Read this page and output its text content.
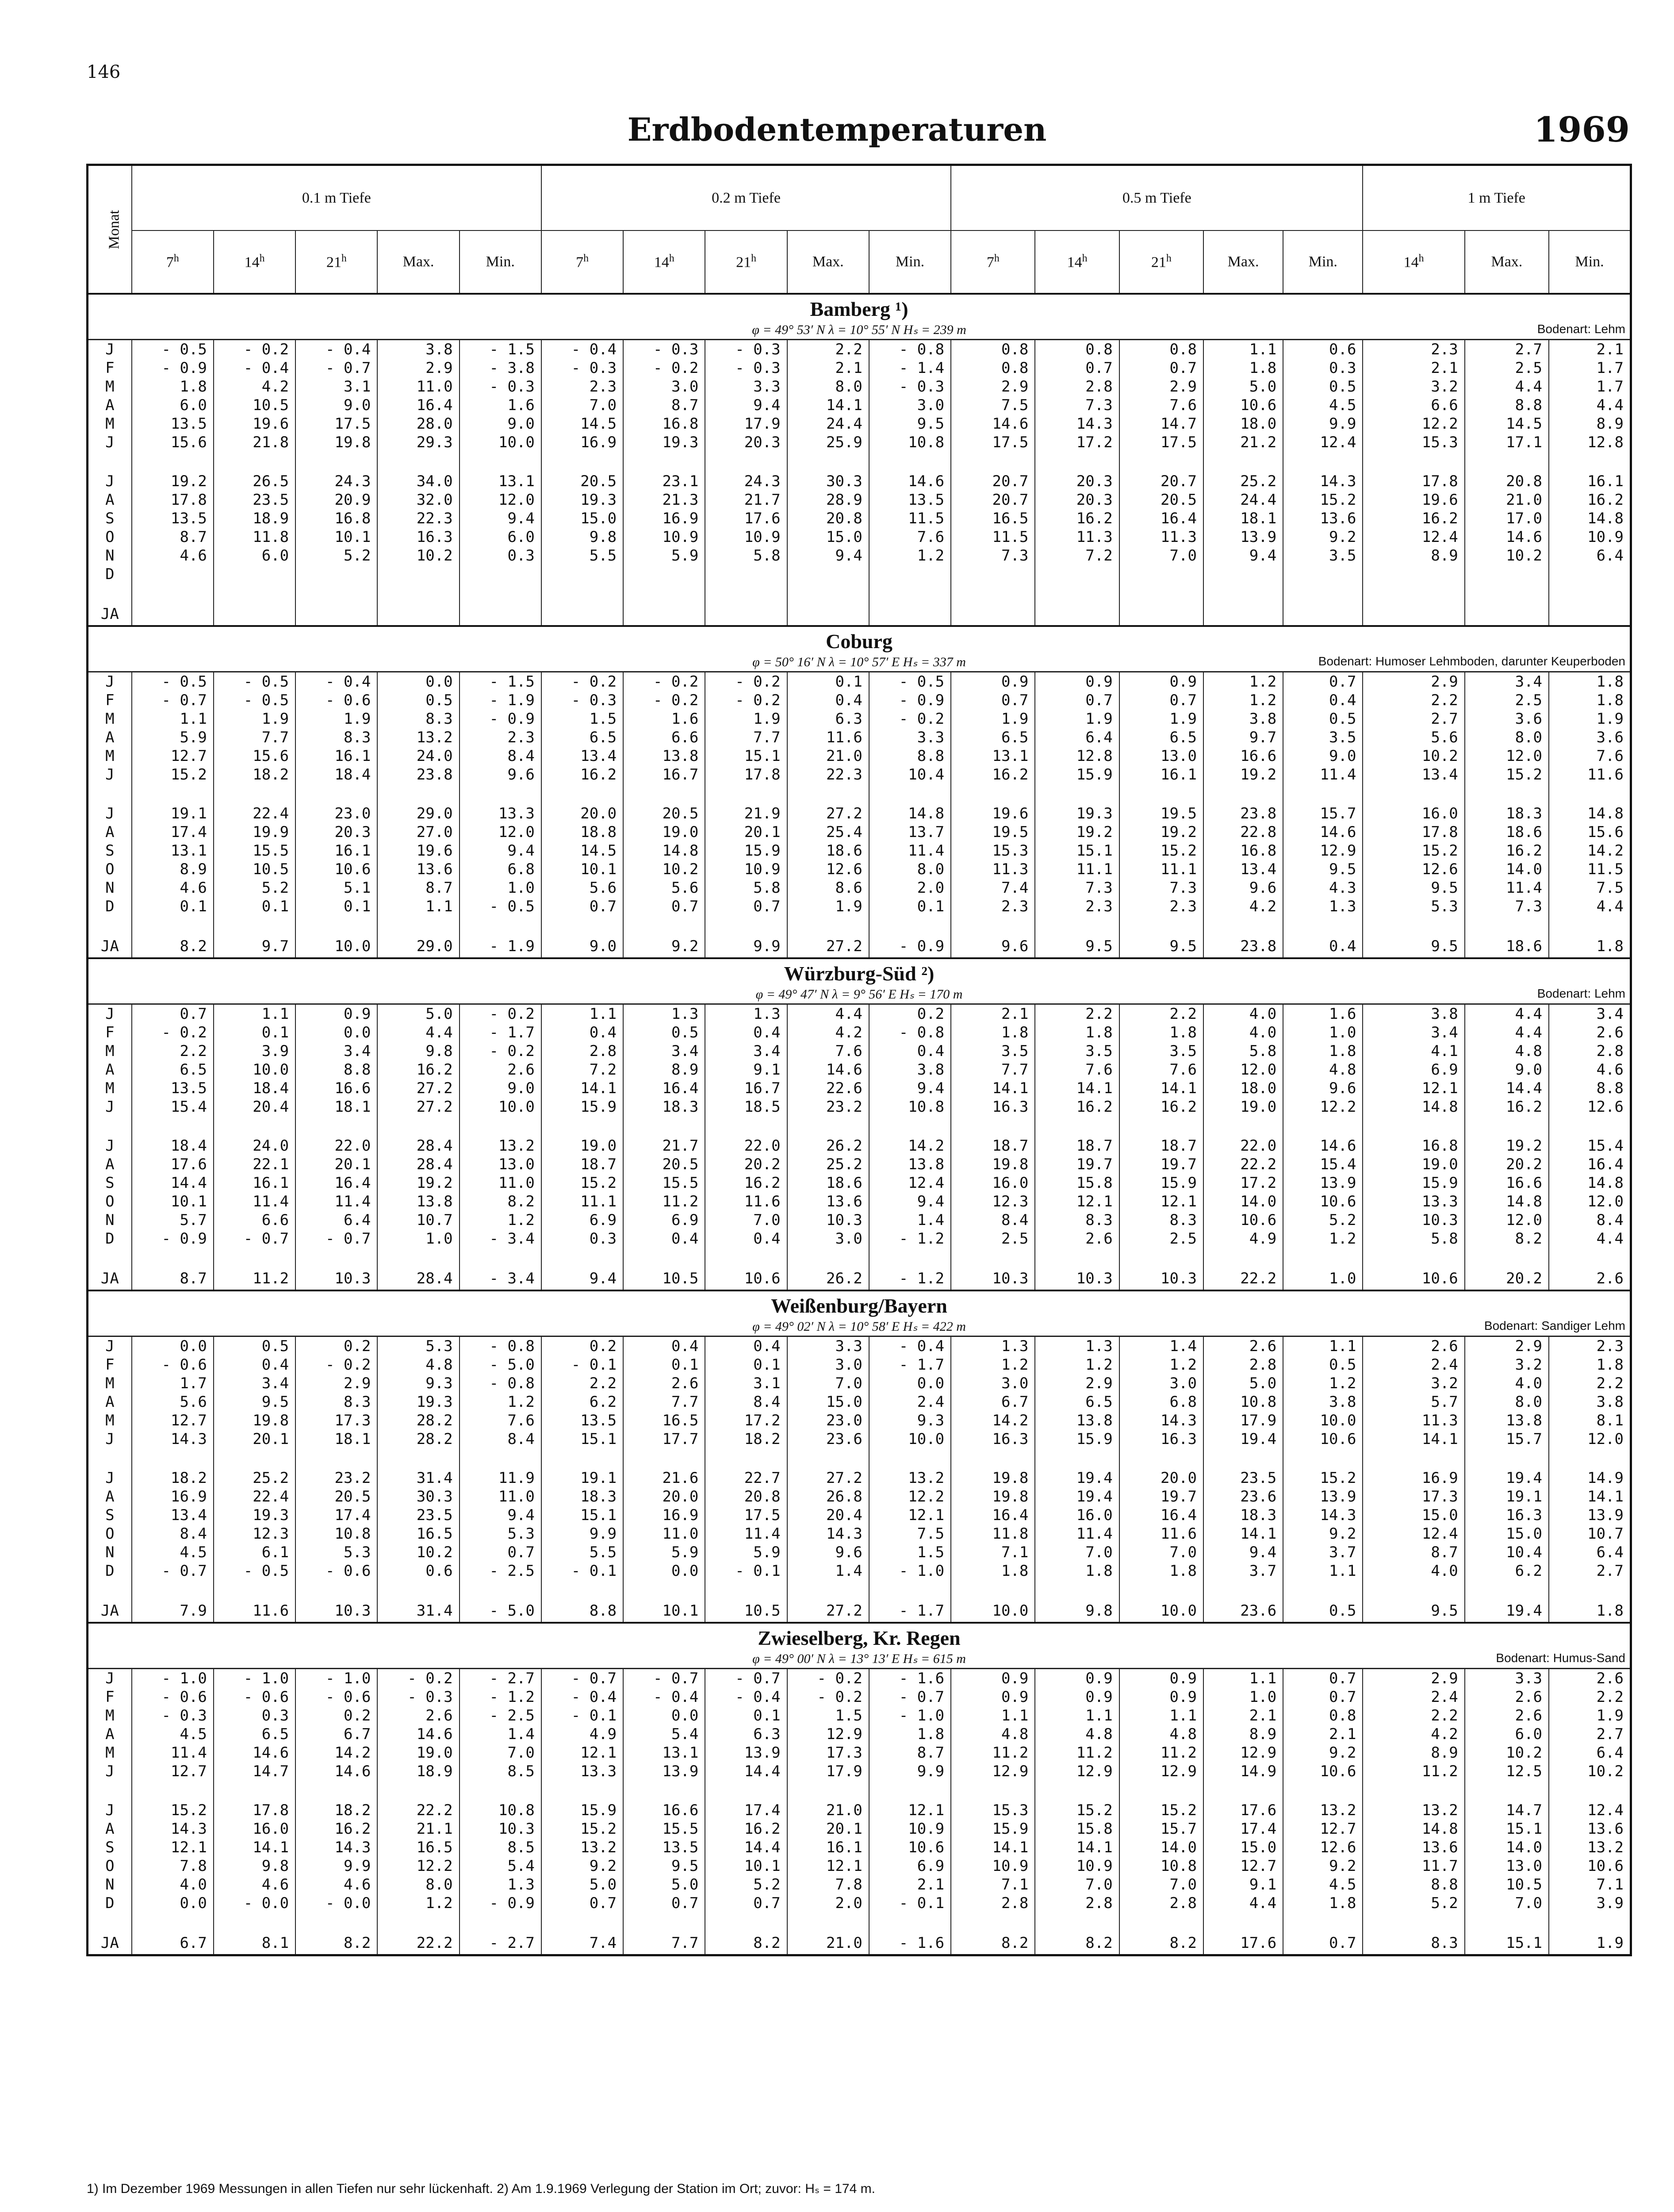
146
Erdbodentemperaturen	1969
Monat	0.1 m Tiefe					0.2 m Tiefe					0.5 m Tiefe					1 m Tiefe		
	7$^h$	14$^h$	21$^h$	Max.	Min.	7$^h$	14$^h$	21$^h$	Max.	Min.	7$^h$	14$^h$	21$^h$	Max.	Min.	14$^h$	Max.	Min.

Bamberg ¹)																		

φ = 49° 53′ N λ = 10° 55′ N Hₛ = 239 m Bodenart: Lehm																		

J	- 0.5	- 0.2	- 0.4	3.8	- 1.5	- 0.4	- 0.3	- 0.3	2.2	- 0.8	0.8	0.8	0.8	1.1	0.6	2.3	2.7	2.1
F	- 0.9	- 0.4	- 0.7	2.9	- 3.8	- 0.3	- 0.2	- 0.3	2.1	- 1.4	0.8	0.7	0.7	1.8	0.3	2.1	2.5	1.7
M	1.8	4.2	3.1	11.0	- 0.3	2.3	3.0	3.3	8.0	- 0.3	2.9	2.8	2.9	5.0	0.5	3.2	4.4	1.7
A	6.0	10.5	9.0	16.4	1.6	7.0	8.7	9.4	14.1	3.0	7.5	7.3	7.6	10.6	4.5	6.6	8.8	4.4
M	13.5	19.6	17.5	28.0	9.0	14.5	16.8	17.9	24.4	9.5	14.6	14.3	14.7	18.0	9.9	12.2	14.5	8.9
J	15.6	21.8	19.8	29.3	10.0	16.9	19.3	20.3	25.9	10.8	17.5	17.2	17.5	21.2	12.4	15.3	17.1	12.8

J	19.2	26.5	24.3	34.0	13.1	20.5	23.1	24.3	30.3	14.6	20.7	20.3	20.7	25.2	14.3	17.8	20.8	16.1
A	17.8	23.5	20.9	32.0	12.0	19.3	21.3	21.7	28.9	13.5	20.7	20.3	20.5	24.4	15.2	19.6	21.0	16.2
S	13.5	18.9	16.8	22.3	9.4	15.0	16.9	17.6	20.8	11.5	16.5	16.2	16.4	18.1	13.6	16.2	17.0	14.8
O	8.7	11.8	10.1	16.3	6.0	9.8	10.9	10.9	15.0	7.6	11.5	11.3	11.3	13.9	9.2	12.4	14.6	10.9
N	4.6	6.0	5.2	10.2	0.3	5.5	5.9	5.8	9.4	1.2	7.3	7.2	7.0	9.4	3.5	8.9	10.2	6.4
D																		

JA																		

Coburg																		

φ = 50° 16′ N λ = 10° 57′ E Hₛ = 337 m Bodenart: Humoser Lehmboden, darunter Keuperboden																		

J	- 0.5	- 0.5	- 0.4	0.0	- 1.5	- 0.2	- 0.2	- 0.2	0.1	- 0.5	0.9	0.9	0.9	1.2	0.7	2.9	3.4	1.8
F	- 0.7	- 0.5	- 0.6	0.5	- 1.9	- 0.3	- 0.2	- 0.2	0.4	- 0.9	0.7	0.7	0.7	1.2	0.4	2.2	2.5	1.8
M	1.1	1.9	1.9	8.3	- 0.9	1.5	1.6	1.9	6.3	- 0.2	1.9	1.9	1.9	3.8	0.5	2.7	3.6	1.9
A	5.9	7.7	8.3	13.2	2.3	6.5	6.6	7.7	11.6	3.3	6.5	6.4	6.5	9.7	3.5	5.6	8.0	3.6
M	12.7	15.6	16.1	24.0	8.4	13.4	13.8	15.1	21.0	8.8	13.1	12.8	13.0	16.6	9.0	10.2	12.0	7.6
J	15.2	18.2	18.4	23.8	9.6	16.2	16.7	17.8	22.3	10.4	16.2	15.9	16.1	19.2	11.4	13.4	15.2	11.6

J	19.1	22.4	23.0	29.0	13.3	20.0	20.5	21.9	27.2	14.8	19.6	19.3	19.5	23.8	15.7	16.0	18.3	14.8
A	17.4	19.9	20.3	27.0	12.0	18.8	19.0	20.1	25.4	13.7	19.5	19.2	19.2	22.8	14.6	17.8	18.6	15.6
S	13.1	15.5	16.1	19.6	9.4	14.5	14.8	15.9	18.6	11.4	15.3	15.1	15.2	16.8	12.9	15.2	16.2	14.2
O	8.9	10.5	10.6	13.6	6.8	10.1	10.2	10.9	12.6	8.0	11.3	11.1	11.1	13.4	9.5	12.6	14.0	11.5
N	4.6	5.2	5.1	8.7	1.0	5.6	5.6	5.8	8.6	2.0	7.4	7.3	7.3	9.6	4.3	9.5	11.4	7.5
D	0.1	0.1	0.1	1.1	- 0.5	0.7	0.7	0.7	1.9	0.1	2.3	2.3	2.3	4.2	1.3	5.3	7.3	4.4

JA	8.2	9.7	10.0	29.0	- 1.9	9.0	9.2	9.9	27.2	- 0.9	9.6	9.5	9.5	23.8	0.4	9.5	18.6	1.8

Würzburg-Süd ²)																		

φ = 49° 47′ N λ = 9° 56′ E Hₛ = 170 m Bodenart: Lehm																		

J	0.7	1.1	0.9	5.0	- 0.2	1.1	1.3	1.3	4.4	0.2	2.1	2.2	2.2	4.0	1.6	3.8	4.4	3.4
F	- 0.2	0.1	0.0	4.4	- 1.7	0.4	0.5	0.4	4.2	- 0.8	1.8	1.8	1.8	4.0	1.0	3.4	4.4	2.6
M	2.2	3.9	3.4	9.8	- 0.2	2.8	3.4	3.4	7.6	0.4	3.5	3.5	3.5	5.8	1.8	4.1	4.8	2.8
A	6.5	10.0	8.8	16.2	2.6	7.2	8.9	9.1	14.6	3.8	7.7	7.6	7.6	12.0	4.8	6.9	9.0	4.6
M	13.5	18.4	16.6	27.2	9.0	14.1	16.4	16.7	22.6	9.4	14.1	14.1	14.1	18.0	9.6	12.1	14.4	8.8
J	15.4	20.4	18.1	27.2	10.0	15.9	18.3	18.5	23.2	10.8	16.3	16.2	16.2	19.0	12.2	14.8	16.2	12.6

J	18.4	24.0	22.0	28.4	13.2	19.0	21.7	22.0	26.2	14.2	18.7	18.7	18.7	22.0	14.6	16.8	19.2	15.4
A	17.6	22.1	20.1	28.4	13.0	18.7	20.5	20.2	25.2	13.8	19.8	19.7	19.7	22.2	15.4	19.0	20.2	16.4
S	14.4	16.1	16.4	19.2	11.0	15.2	15.5	16.2	18.6	12.4	16.0	15.8	15.9	17.2	13.9	15.9	16.6	14.8
O	10.1	11.4	11.4	13.8	8.2	11.1	11.2	11.6	13.6	9.4	12.3	12.1	12.1	14.0	10.6	13.3	14.8	12.0
N	5.7	6.6	6.4	10.7	1.2	6.9	6.9	7.0	10.3	1.4	8.4	8.3	8.3	10.6	5.2	10.3	12.0	8.4
D	- 0.9	- 0.7	- 0.7	1.0	- 3.4	0.3	0.4	0.4	3.0	- 1.2	2.5	2.6	2.5	4.9	1.2	5.8	8.2	4.4

JA	8.7	11.2	10.3	28.4	- 3.4	9.4	10.5	10.6	26.2	- 1.2	10.3	10.3	10.3	22.2	1.0	10.6	20.2	2.6

Weißenburg/Bayern																		

φ = 49° 02′ N λ = 10° 58′ E Hₛ = 422 m Bodenart: Sandiger Lehm																		

J	0.0	0.5	0.2	5.3	- 0.8	0.2	0.4	0.4	3.3	- 0.4	1.3	1.3	1.4	2.6	1.1	2.6	2.9	2.3
F	- 0.6	0.4	- 0.2	4.8	- 5.0	- 0.1	0.1	0.1	3.0	- 1.7	1.2	1.2	1.2	2.8	0.5	2.4	3.2	1.8
M	1.7	3.4	2.9	9.3	- 0.8	2.2	2.6	3.1	7.0	0.0	3.0	2.9	3.0	5.0	1.2	3.2	4.0	2.2
A	5.6	9.5	8.3	19.3	1.2	6.2	7.7	8.4	15.0	2.4	6.7	6.5	6.8	10.8	3.8	5.7	8.0	3.8
M	12.7	19.8	17.3	28.2	7.6	13.5	16.5	17.2	23.0	9.3	14.2	13.8	14.3	17.9	10.0	11.3	13.8	8.1
J	14.3	20.1	18.1	28.2	8.4	15.1	17.7	18.2	23.6	10.0	16.3	15.9	16.3	19.4	10.6	14.1	15.7	12.0

J	18.2	25.2	23.2	31.4	11.9	19.1	21.6	22.7	27.2	13.2	19.8	19.4	20.0	23.5	15.2	16.9	19.4	14.9
A	16.9	22.4	20.5	30.3	11.0	18.3	20.0	20.8	26.8	12.2	19.8	19.4	19.7	23.6	13.9	17.3	19.1	14.1
S	13.4	19.3	17.4	23.5	9.4	15.1	16.9	17.5	20.4	12.1	16.4	16.0	16.4	18.3	14.3	15.0	16.3	13.9
O	8.4	12.3	10.8	16.5	5.3	9.9	11.0	11.4	14.3	7.5	11.8	11.4	11.6	14.1	9.2	12.4	15.0	10.7
N	4.5	6.1	5.3	10.2	0.7	5.5	5.9	5.9	9.6	1.5	7.1	7.0	7.0	9.4	3.7	8.7	10.4	6.4
D	- 0.7	- 0.5	- 0.6	0.6	- 2.5	- 0.1	0.0	- 0.1	1.4	- 1.0	1.8	1.8	1.8	3.7	1.1	4.0	6.2	2.7

JA	7.9	11.6	10.3	31.4	- 5.0	8.8	10.1	10.5	27.2	- 1.7	10.0	9.8	10.0	23.6	0.5	9.5	19.4	1.8

Zwieselberg, Kr. Regen																		

φ = 49° 00′ N λ = 13° 13′ E Hₛ = 615 m Bodenart: Humus-Sand																		

J	- 1.0	- 1.0	- 1.0	- 0.2	- 2.7	- 0.7	- 0.7	- 0.7	- 0.2	- 1.6	0.9	0.9	0.9	1.1	0.7	2.9	3.3	2.6
F	- 0.6	- 0.6	- 0.6	- 0.3	- 1.2	- 0.4	- 0.4	- 0.4	- 0.2	- 0.7	0.9	0.9	0.9	1.0	0.7	2.4	2.6	2.2
M	- 0.3	0.3	0.2	2.6	- 2.5	- 0.1	0.0	0.1	1.5	- 1.0	1.1	1.1	1.1	2.1	0.8	2.2	2.6	1.9
A	4.5	6.5	6.7	14.6	1.4	4.9	5.4	6.3	12.9	1.8	4.8	4.8	4.8	8.9	2.1	4.2	6.0	2.7
M	11.4	14.6	14.2	19.0	7.0	12.1	13.1	13.9	17.3	8.7	11.2	11.2	11.2	12.9	9.2	8.9	10.2	6.4
J	12.7	14.7	14.6	18.9	8.5	13.3	13.9	14.4	17.9	9.9	12.9	12.9	12.9	14.9	10.6	11.2	12.5	10.2

J	15.2	17.8	18.2	22.2	10.8	15.9	16.6	17.4	21.0	12.1	15.3	15.2	15.2	17.6	13.2	13.2	14.7	12.4
A	14.3	16.0	16.2	21.1	10.3	15.2	15.5	16.2	20.1	10.9	15.9	15.8	15.7	17.4	12.7	14.8	15.1	13.6
S	12.1	14.1	14.3	16.5	8.5	13.2	13.5	14.4	16.1	10.6	14.1	14.1	14.0	15.0	12.6	13.6	14.0	13.2
O	7.8	9.8	9.9	12.2	5.4	9.2	9.5	10.1	12.1	6.9	10.9	10.9	10.8	12.7	9.2	11.7	13.0	10.6
N	4.0	4.6	4.6	8.0	1.3	5.0	5.0	5.2	7.8	2.1	7.1	7.0	7.0	9.1	4.5	8.8	10.5	7.1
D	0.0	- 0.0	- 0.0	1.2	- 0.9	0.7	0.7	0.7	2.0	- 0.1	2.8	2.8	2.8	4.4	1.8	5.2	7.0	3.9

JA	6.7	8.1	8.2	22.2	- 2.7	7.4	7.7	8.2	21.0	- 1.6	8.2	8.2	8.2	17.6	0.7	8.3	15.1	1.9
1) Im Dezember 1969 Messungen in allen Tiefen nur sehr lückenhaft. 2) Am 1.9.1969 Verlegung der Station im Ort; zuvor: Hₛ = 174 m.
